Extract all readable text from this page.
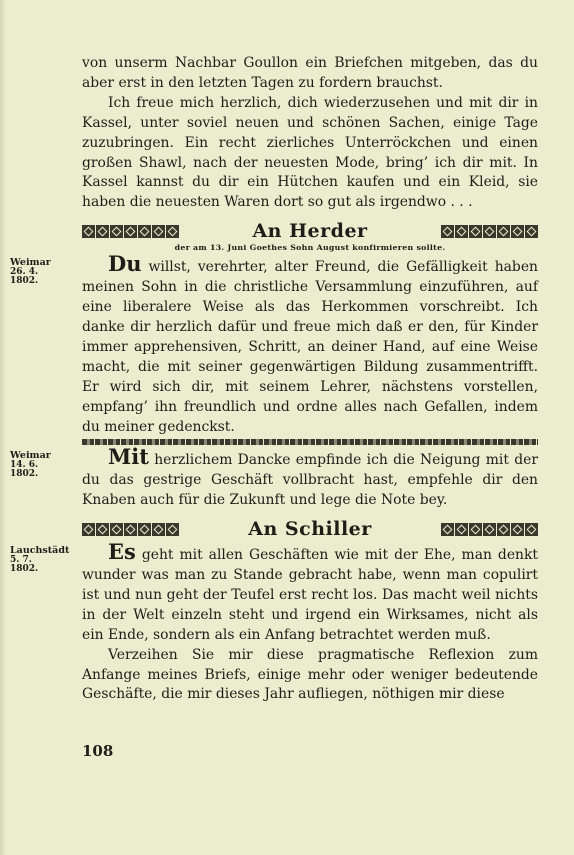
von unserm Nachbar Goullon ein Briefchen mitgeben, das du aber erst in den letzten Tagen zu fordern brauchst.

Ich freue mich herzlich, dich wiederzusehen und mit dir in Kassel, unter soviel neuen und schönen Sachen, einige Tage zuzubringen. Ein recht zierliches Unterröckchen und einen großen Shawl, nach der neuesten Mode, bring’ ich dir mit. In Kassel kannst du dir ein Hütchen kaufen und ein Kleid, sie haben die neuesten Waren dort so gut als irgendwo . . .

An Herder
der am 13. Juni Goethes Sohn August konfirmieren sollte.
Weimar
26. 4.
1802.

Du willst, verehrter, alter Freund, die Gefälligkeit haben meinen Sohn in die christliche Versammlung einzuführen, auf eine liberalere Weise als das Herkommen vorschreibt. Ich danke dir herzlich dafür und freue mich daß er den, für Kinder immer apprehensiven, Schritt, an deiner Hand, auf eine Weise macht, die mit seiner gegenwärtigen Bildung zusammentrifft. Er wird sich dir, mit seinem Lehrer, nächstens vorstellen, empfang’ ihn freundlich und ordne alles nach Gefallen, indem du meiner gedenckst.

Weimar
14. 6.
1802.

Mit herzlichem Dancke empfinde ich die Neigung mit der du das gestrige Geschäft vollbracht hast, empfehle dir den Knaben auch für die Zukunft und lege die Note bey.

An Schiller
Lauchstädt
5. 7.
1802.

Es geht mit allen Geschäften wie mit der Ehe, man denkt wunder was man zu Stande gebracht habe, wenn man copulirt ist und nun geht der Teufel erst recht los. Das macht weil nichts in der Welt einzeln steht und irgend ein Wirksames, nicht als ein Ende, sondern als ein Anfang betrachtet werden muß.

Verzeihen Sie mir diese pragmatische Reflexion zum Anfange meines Briefs, einige mehr oder weniger bedeutende Geschäfte, die mir dieses Jahr aufliegen, nöthigen mir diese

108
